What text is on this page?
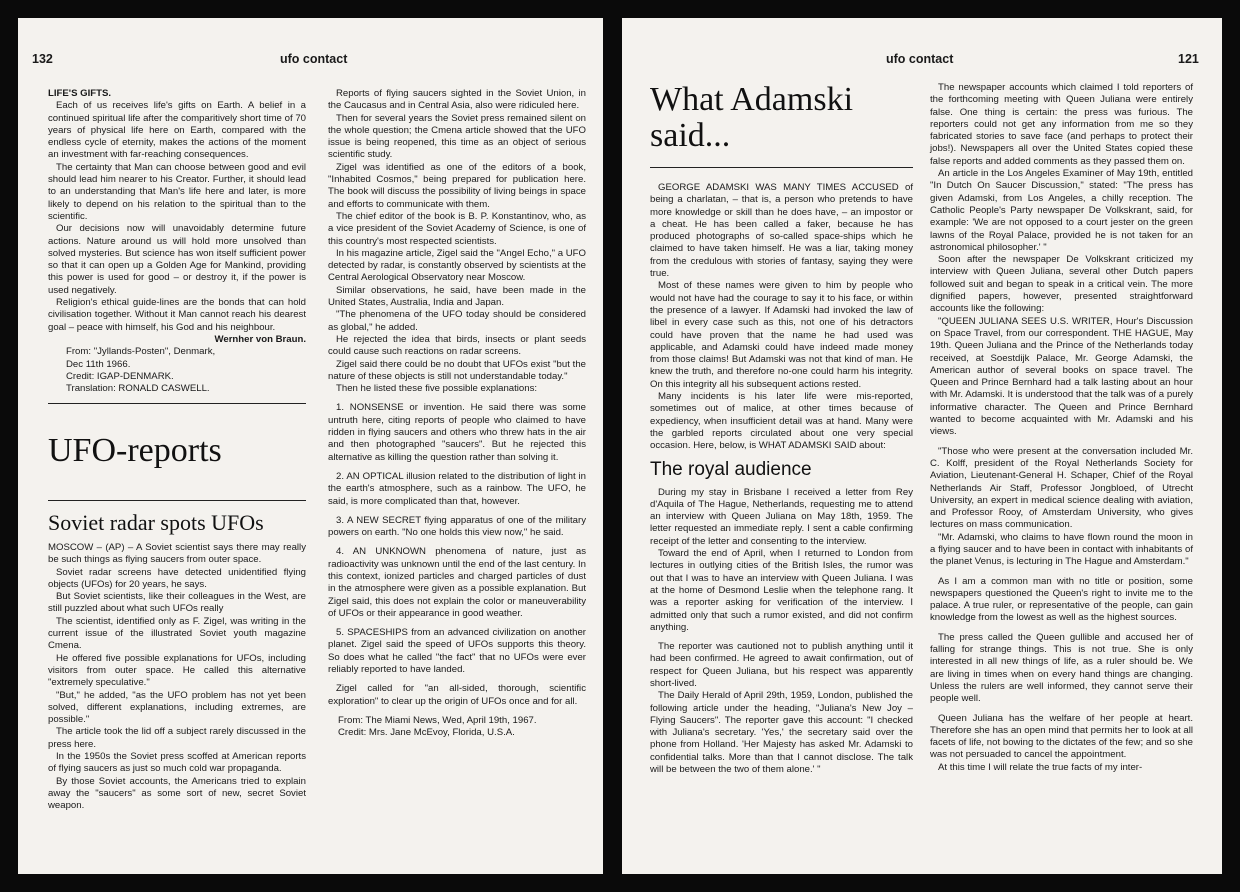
132	ufo contact

LIFE'S GIFTS.

Each of us receives life's gifts on Earth. A belief in a continued spiritual life after the comparitively short time of 70 years of physical life here on Earth, compared with the endless cycle of eternity, makes the actions of the moment an investment with far-reaching consequences.

The certainty that Man can choose between good and evil should lead him nearer to his Creator. Further, it should lead to an understanding that Man's life here and later, is more likely to depend on his relation to the spiritual than to the scientific.

Our decisions now will unavoidably determine future actions. Nature around us will hold more unsolved than solved mysteries. But science has won itself sufficient power so that it can open up a Golden Age for Mankind, providing this power is used for good – or destroy it, if the power is used negatively.

Religion's ethical guide-lines are the bonds that can hold civilisation together. Without it Man cannot reach his dearest goal – peace with himself, his God and his neighbour.

Wernher von Braun.

From: "Jyllands-Posten", Denmark,

Dec 11th 1966.

Credit: IGAP-DENMARK.

Translation: RONALD CASWELL.

UFO-reports
Soviet radar spots UFOs

MOSCOW – (AP) – A Soviet scientist says there may really be such things as flying saucers from outer space.

Soviet radar screens have detected unidentified flying objects (UFOs) for 20 years, he says.

But Soviet scientists, like their colleagues in the West, are still puzzled about what such UFOs really

The scientist, identified only as F. Zigel, was writing in the current issue of the illustrated Soviet youth magazine Cmena.

He offered five possible explanations for UFOs, including visitors from outer space. He called this alternative "extremely speculative."

"But," he added, "as the UFO problem has not yet been solved, different explanations, including extremes, are possible."

The article took the lid off a subject rarely discussed in the press here.

In the 1950s the Soviet press scoffed at American reports of flying saucers as just so much cold war propaganda.

By those Soviet accounts, the Americans tried to explain away the "saucers" as some sort of new, secret Soviet weapon.

Reports of flying saucers sighted in the Soviet Union, in the Caucasus and in Central Asia, also were ridiculed here.

Then for several years the Soviet press remained silent on the whole question; the Cmena article showed that the UFO issue is being reopened, this time as an object of serious scientific study.

Zigel was identified as one of the editors of a book, "Inhabited Cosmos," being prepared for publication here. The book will discuss the possibility of living beings in space and efforts to communicate with them.

The chief editor of the book is B. P. Konstantinov, who, as a vice president of the Soviet Academy of Science, is one of this country's most respected scientists.

In his magazine article, Zigel said the "Angel Echo," a UFO detected by radar, is constantly observed by scientists at the Central Aerological Observatory near Moscow.

Similar observations, he said, have been made in the United States, Australia, India and Japan.

"The phenomena of the UFO today should be considered as global," he added.

He rejected the idea that birds, insects or plant seeds could cause such reactions on radar screens.

Zigel said there could be no doubt that UFOs exist "but the nature of these objects is still not understandable today."

Then he listed these five possible explanations:

1. NONSENSE or invention. He said there was some untruth here, citing reports of people who claimed to have ridden in flying saucers and others who threw hats in the air and then photographed "saucers". But he rejected this alternative as killing the question rather than solving it.

2. AN OPTICAL illusion related to the distribution of light in the earth's atmosphere, such as a rainbow. The UFO, he said, is more complicated than that, however.

3. A NEW SECRET flying apparatus of one of the military powers on earth. "No one holds this view now," he said.

4. AN UNKNOWN phenomena of nature, just as radioactivity was unknown until the end of the last century. In this context, ionized particles and charged particles of dust in the atmosphere were given as a possible explanation. But Zigel said, this does not explain the color or maneuverability of UFOs or their appearance in good weather.

5. SPACESHIPS from an advanced civilization on another planet. Zigel said the speed of UFOs supports this theory. So does what he called "the fact" that no UFOs were ever reliably reported to have landed.

Zigel called for "an all-sided, thorough, scientific exploration" to clear up the origin of UFOs once and for all.

From: The Miami News, Wed, April 19th, 1967.

Credit: Mrs. Jane McEvoy, Florida, U.S.A.

ufo contact	121
What Adamski
said...

GEORGE ADAMSKI WAS MANY TIMES ACCUSED of being a charlatan, – that is, a person who pretends to have more knowledge or skill than he does have, – an impostor or a cheat. He has been called a faker, because he has produced photographs of so-called space-ships which he claimed to have taken himself. He was a liar, taking money from the credulous with stories of fantasy, saying they were true.

Most of these names were given to him by people who would not have had the courage to say it to his face, or within the presence of a lawyer. If Adamski had invoked the law of libel in every case such as this, not one of his detractors could have proven that the name he had used was applicable, and Adamski could have indeed made money from those claims! But Adamski was not that kind of man. He knew the truth, and therefore no-one could harm his integrity. On this integrity all his subsequent actions rested.

Many incidents is his later life were mis-reported, sometimes out of malice, at other times because of expediency, when insufficient detail was at hand. Many were the garbled reports circulated about one very special occasion. Here, below, is WHAT ADAMSKI SAID about:

The royal audience

During my stay in Brisbane I received a letter from Rey d'Aquila of The Hague, Netherlands, requesting me to attend an interview with Queen Juliana on May 18th, 1959. The letter requested an immediate reply. I sent a cable confirming receipt of the letter and consenting to the interview.

Toward the end of April, when I returned to London from lectures in outlying cities of the British Isles, the rumor was out that I was to have an interview with Queen Juliana. I was at the home of Desmond Leslie when the telephone rang. It was a reporter asking for verification of the interview. I admitted only that such a rumor existed, and did not confirm anything.

The reporter was cautioned not to publish anything until it had been confirmed. He agreed to await confirmation, out of respect for Queen Juliana, but his respect was apparently short-lived.

The Daily Herald of April 29th, 1959, London, published the following article under the heading, "Juliana's New Joy – Flying Saucers". The reporter gave this account: "I checked with Juliana's secretary. 'Yes,' the secretary said over the phone from Holland. 'Her Majesty has asked Mr. Adamski to confidential talks. More than that I cannot disclose. The talk will be between the two of them alone.' "

The newspaper accounts which claimed I told reporters of the forthcoming meeting with Queen Juliana were entirely false. One thing is certain: the press was furious. The reporters could not get any information from me so they fabricated stories to save face (and perhaps to protect their jobs!). Newspapers all over the United States copied these false reports and added comments as they passed them on.

An article in the Los Angeles Examiner of May 19th, entitled "In Dutch On Saucer Discussion," stated: "The press has given Adamski, from Los Angeles, a chilly reception. The Catholic People's Party newspaper De Volkskrant, said, for example: 'We are not opposed to a court jester on the green lawns of the Royal Palace, provided he is not taken for an astronomical philosopher.' "

Soon after the newspaper De Volkskrant criticized my interview with Queen Juliana, several other Dutch papers followed suit and began to speak in a critical vein. The more dignified papers, however, presented straightforward accounts like the following:

"QUEEN JULIANA SEES U.S. WRITER, Hour's Discussion on Space Travel, from our correspondent. THE HAGUE, May 19th. Queen Juliana and the Prince of the Netherlands today received, at Soestdijk Palace, Mr. George Adamski, the American author of several books on space travel. The Queen and Prince Bernhard had a talk lasting about an hour with Mr. Adamski. It is understood that the talk was of a purely informative character. The Queen and Prince Bernhard wanted to become acquainted with Mr. Adamski and his views.

"Those who were present at the conversation included Mr. C. Kolff, president of the Royal Netherlands Society for Aviation, Lieutenant-General H. Schaper, Chief of the Royal Netherlands Air Staff, Professor Jongbloed, of Utrecht University, an expert in medical science dealing with aviation, and Professor Rooy, of Amsterdam University, who gives lectures on mass communication.

"Mr. Adamski, who claims to have flown round the moon in a flying saucer and to have been in contact with inhabitants of the planet Venus, is lecturing in The Hague and Amsterdam."

As I am a common man with no title or position, some newspapers questioned the Queen's right to invite me to the palace. A true ruler, or representative of the people, can gain knowledge from the lowest as well as the highest sources.

The press called the Queen gullible and accused her of falling for strange things. This is not true. She is only interested in all new things of life, as a ruler should be. We are living in times when on every hand things are changing. Unless the rulers are well informed, they cannot serve their people well.

Queen Juliana has the welfare of her people at heart. Therefore she has an open mind that permits her to look at all facets of life, not bowing to the dictates of the few; and so she was not persuaded to cancel the appointment.

At this time I will relate the true facts of my inter-
